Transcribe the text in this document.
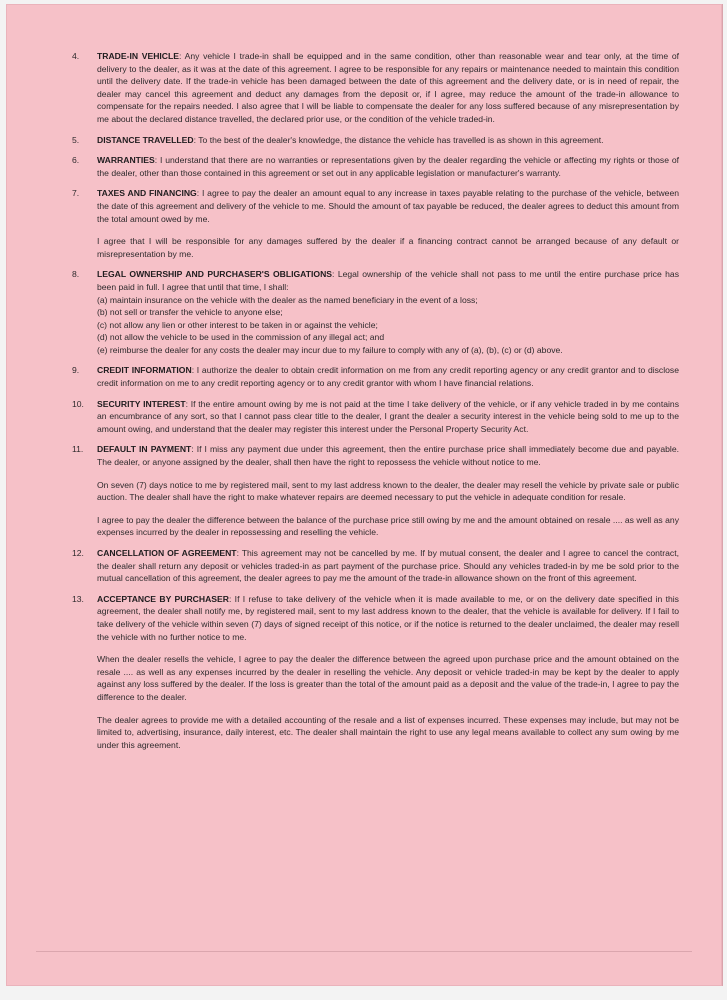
4.	TRADE-IN VEHICLE: Any vehicle I trade-in shall be equipped and in the same condition, other than reasonable wear and tear only, at the time of delivery to the dealer, as it was at the date of this agreement. I agree to be responsible for any repairs or maintenance needed to maintain this condition until the delivery date. If the trade-in vehicle has been damaged between the date of this agreement and the delivery date, or is in need of repair, the dealer may cancel this agreement and deduct any damages from the deposit or, if I agree, may reduce the amount of the trade-in allowance to compensate for the repairs needed. I also agree that I will be liable to compensate the dealer for any loss suffered because of any misrepresentation by me about the declared distance travelled, the declared prior use, or the condition of the vehicle traded-in.
5.	DISTANCE TRAVELLED: To the best of the dealer's knowledge, the distance the vehicle has travelled is as shown in this agreement.
6.	WARRANTIES: I understand that there are no warranties or representations given by the dealer regarding the vehicle or affecting my rights or those of the dealer, other than those contained in this agreement or set out in any applicable legislation or manufacturer's warranty.
7.	TAXES AND FINANCING: I agree to pay the dealer an amount equal to any increase in taxes payable relating to the purchase of the vehicle, between the date of this agreement and delivery of the vehicle to me. Should the amount of tax payable be reduced, the dealer agrees to deduct this amount from the total amount owed by me.
I agree that I will be responsible for any damages suffered by the dealer if a financing contract cannot be arranged because of any default or misrepresentation by me.
8.	LEGAL OWNERSHIP AND PURCHASER'S OBLIGATIONS: Legal ownership of the vehicle shall not pass to me until the entire purchase price has been paid in full. I agree that until that time, I shall:
(a) maintain insurance on the vehicle with the dealer as the named beneficiary in the event of a loss;
(b) not sell or transfer the vehicle to anyone else;
(c) not allow any lien or other interest to be taken in or against the vehicle;
(d) not allow the vehicle to be used in the commission of any illegal act; and
(e) reimburse the dealer for any costs the dealer may incur due to my failure to comply with any of (a), (b), (c) or (d) above.
9.	CREDIT INFORMATION: I authorize the dealer to obtain credit information on me from any credit reporting agency or any credit grantor and to disclose credit information on me to any credit reporting agency or to any credit grantor with whom I have financial relations.
10.	SECURITY INTEREST: If the entire amount owing by me is not paid at the time I take delivery of the vehicle, or if any vehicle traded in by me contains an encumbrance of any sort, so that I cannot pass clear title to the dealer, I grant the dealer a security interest in the vehicle being sold to me up to the amount owing, and understand that the dealer may register this interest under the Personal Property Security Act.
11.	DEFAULT IN PAYMENT: If I miss any payment due under this agreement, then the entire purchase price shall immediately become due and payable. The dealer, or anyone assigned by the dealer, shall then have the right to repossess the vehicle without notice to me.
On seven (7) days notice to me by registered mail, sent to my last address known to the dealer, the dealer may resell the vehicle by private sale or public auction. The dealer shall have the right to make whatever repairs are deemed necessary to put the vehicle in adequate condition for resale.
I agree to pay the dealer the difference between the balance of the purchase price still owing by me and the amount obtained on resale .... as well as any expenses incurred by the dealer in repossessing and reselling the vehicle.
12.	CANCELLATION OF AGREEMENT: This agreement may not be cancelled by me. If by mutual consent, the dealer and I agree to cancel the contract, the dealer shall return any deposit or vehicles traded-in as part payment of the purchase price. Should any vehicles traded-in by me be sold prior to the mutual cancellation of this agreement, the dealer agrees to pay me the amount of the trade-in allowance shown on the front of this agreement.
13.	ACCEPTANCE BY PURCHASER: If I refuse to take delivery of the vehicle when it is made available to me, or on the delivery date specified in this agreement, the dealer shall notify me, by registered mail, sent to my last address known to the dealer, that the vehicle is available for delivery. If I fail to take delivery of the vehicle within seven (7) days of signed receipt of this notice, or if the notice is returned to the dealer unclaimed, the dealer may resell the vehicle with no further notice to me.
When the dealer resells the vehicle, I agree to pay the dealer the difference between the agreed upon purchase price and the amount obtained on the resale .... as well as any expenses incurred by the dealer in reselling the vehicle. Any deposit or vehicle traded-in may be kept by the dealer to apply against any loss suffered by the dealer. If the loss is greater than the total of the amount paid as a deposit and the value of the trade-in, I agree to pay the difference to the dealer.
The dealer agrees to provide me with a detailed accounting of the resale and a list of expenses incurred. These expenses may include, but may not be limited to, advertising, insurance, daily interest, etc. The dealer shall maintain the right to use any legal means available to collect any sum owing by me under this agreement.
